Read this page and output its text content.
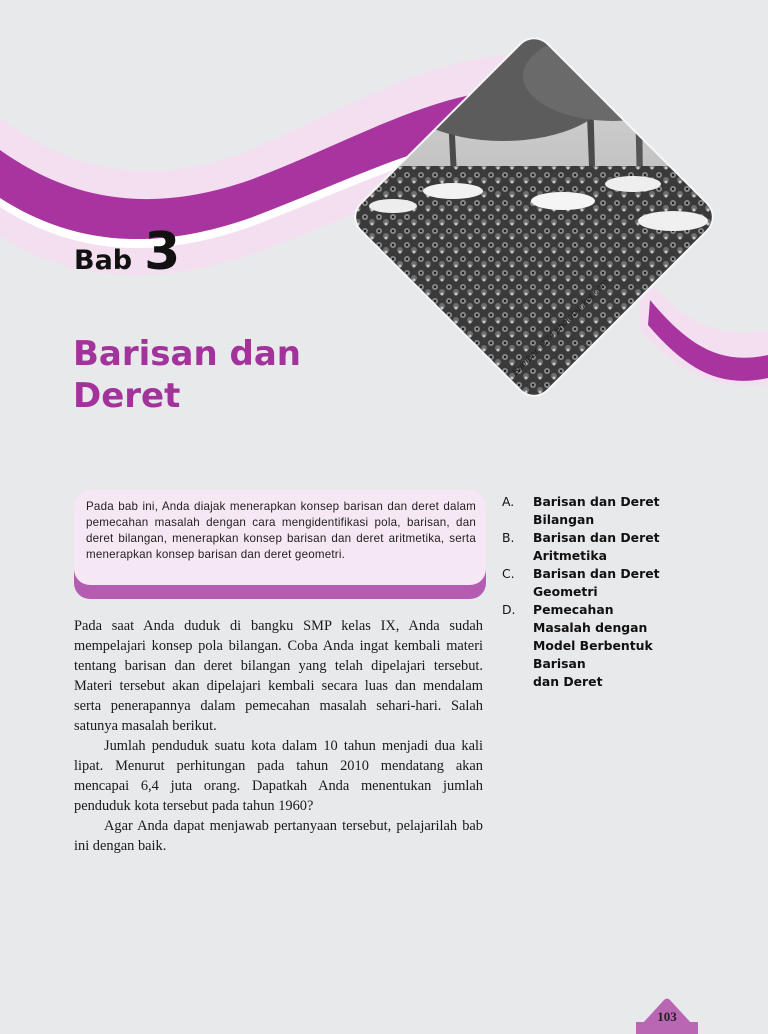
Sumber: i174.photobucket.com
Bab 3
Barisan dan
Deret
Pada bab ini, Anda diajak menerapkan konsep barisan dan deret dalam pemecahan masalah dengan cara mengidentifikasi pola, barisan, dan deret bilangan, menerapkan konsep barisan dan deret aritmetika, serta menerapkan konsep barisan dan deret geometri.
A. Barisan dan Deret
Bilangan
B. Barisan dan Deret
Aritmetika
C. Barisan dan Deret
Geometri
D. Pemecahan
Masalah dengan
Model Berbentuk
Barisan
dan Deret

Pada saat Anda duduk di bangku SMP kelas IX, Anda sudah mempelajari konsep pola bilangan. Coba Anda ingat kembali materi tentang barisan dan deret bilangan yang telah dipelajari tersebut. Materi tersebut akan dipelajari kembali secara luas dan mendalam serta penerapannya dalam pemecahan masalah sehari-hari. Salah satunya masalah berikut.

Jumlah penduduk suatu kota dalam 10 tahun menjadi dua kali lipat. Menurut perhitungan pada tahun 2010 mendatang akan mencapai 6,4 juta orang. Dapatkah Anda menentukan jumlah penduduk kota tersebut pada tahun 1960?

Agar Anda dapat menjawab pertanyaan tersebut, pelajarilah bab ini dengan baik.

103
